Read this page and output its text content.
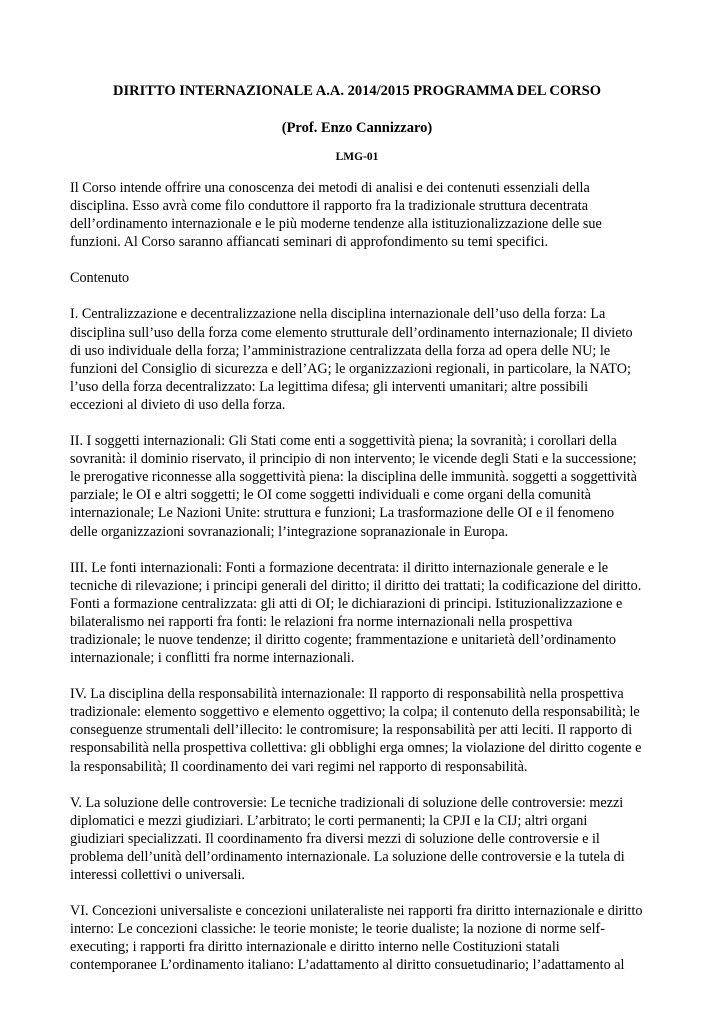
DIRITTO INTERNAZIONALE A.A. 2014/2015 PROGRAMMA DEL CORSO
(Prof. Enzo Cannizzaro)
LMG-01
Il Corso intende offrire una conoscenza dei metodi di analisi e dei contenuti essenziali della disciplina. Esso avrà come filo conduttore il rapporto fra la tradizionale struttura decentrata dell’ordinamento internazionale e le più moderne tendenze alla istituzionalizzazione delle sue funzioni. Al Corso saranno affiancati seminari di approfondimento su temi specifici.
Contenuto
I. Centralizzazione e decentralizzazione nella disciplina internazionale dell’uso della forza: La disciplina sull’uso della forza come elemento strutturale dell’ordinamento internazionale; Il divieto di uso individuale della forza; l’amministrazione centralizzata della forza ad opera delle NU; le funzioni del Consiglio di sicurezza e dell’AG; le organizzazioni regionali, in particolare, la NATO; l’uso della forza decentralizzato: La legittima difesa; gli interventi umanitari; altre possibili eccezioni al divieto di uso della forza.
II. I soggetti internazionali: Gli Stati come enti a soggettività piena; la sovranità; i corollari della sovranità: il dominio riservato, il principio di non intervento; le vicende degli Stati e la successione; le prerogative riconnesse alla soggettività piena: la disciplina delle immunità. soggetti a soggettività parziale; le OI e altri soggetti; le OI come soggetti individuali e come organi della comunità internazionale; Le Nazioni Unite: struttura e funzioni; La trasformazione delle OI e il fenomeno delle organizzazioni sovranazionali; l’integrazione sopranazionale in Europa.
III. Le fonti internazionali: Fonti a formazione decentrata: il diritto internazionale generale e le tecniche di rilevazione; i principi generali del diritto; il diritto dei trattati; la codificazione del diritto. Fonti a formazione centralizzata: gli atti di OI; le dichiarazioni di principi. Istituzionalizzazione e bilateralismo nei rapporti fra fonti: le relazioni fra norme internazionali nella prospettiva tradizionale; le nuove tendenze; il diritto cogente; frammentazione e unitarietà dell’ordinamento internazionale; i conflitti fra norme internazionali.
IV. La disciplina della responsabilità internazionale: Il rapporto di responsabilità nella prospettiva tradizionale: elemento soggettivo e elemento oggettivo; la colpa; il contenuto della responsabilità; le conseguenze strumentali dell’illecito: le contromisure; la responsabilità per atti leciti. Il rapporto di responsabilità nella prospettiva collettiva: gli obblighi erga omnes; la violazione del diritto cogente e la responsabilità; Il coordinamento dei vari regimi nel rapporto di responsabilità.
V. La soluzione delle controversie: Le tecniche tradizionali di soluzione delle controversie: mezzi diplomatici e mezzi giudiziari. L’arbitrato; le corti permanenti; la CPJI e la CIJ; altri organi giudiziari specializzati. Il coordinamento fra diversi mezzi di soluzione delle controversie e il problema dell’unità dell’ordinamento internazionale. La soluzione delle controversie e la tutela di interessi collettivi o universali.
VI. Concezioni universaliste e concezioni unilateraliste nei rapporti fra diritto internazionale e diritto interno: Le concezioni classiche: le teorie moniste; le teorie dualiste; la nozione di norme self-executing; i rapporti fra diritto internazionale e diritto interno nelle Costituzioni statali contemporanee L’ordinamento italiano: L’adattamento al diritto consuetudinario; l’adattamento al
